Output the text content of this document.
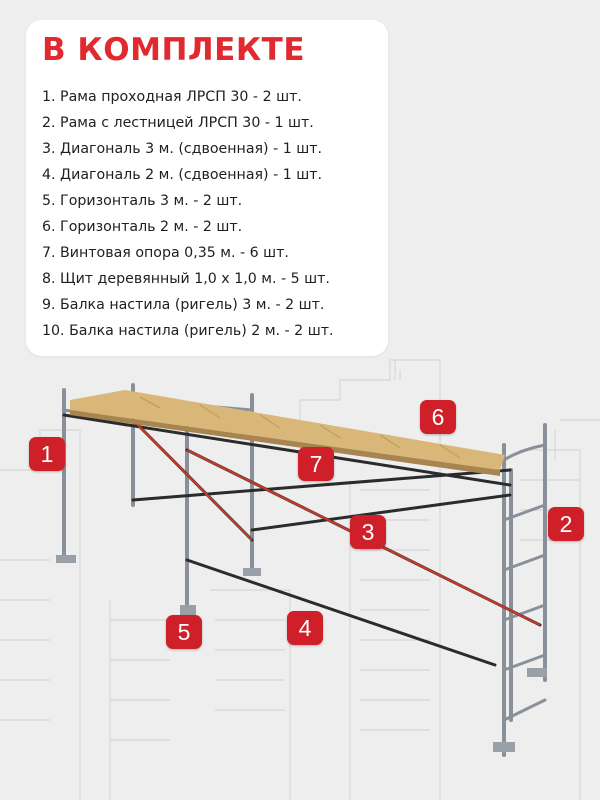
В КОМПЛЕКТЕ
1. Рама проходная ЛРСП 30 - 2 шт.
2. Рама с лестницей ЛРСП 30 - 1 шт.
3. Диагональ 3 м. (сдвоенная) - 1 шт.
4. Диагональ 2 м. (сдвоенная) - 1 шт.
5. Горизонталь 3 м. - 2 шт.
6. Горизонталь 2 м. - 2 шт.
7. Винтовая опора 0,35 м. - 6 шт.
8. Щит деревянный 1,0 х 1,0 м. - 5 шт.
9. Балка настила (ригель) 3 м. - 2 шт.
10. Балка настила (ригель) 2 м. - 2 шт.
1
2
3
4
5
6
7
